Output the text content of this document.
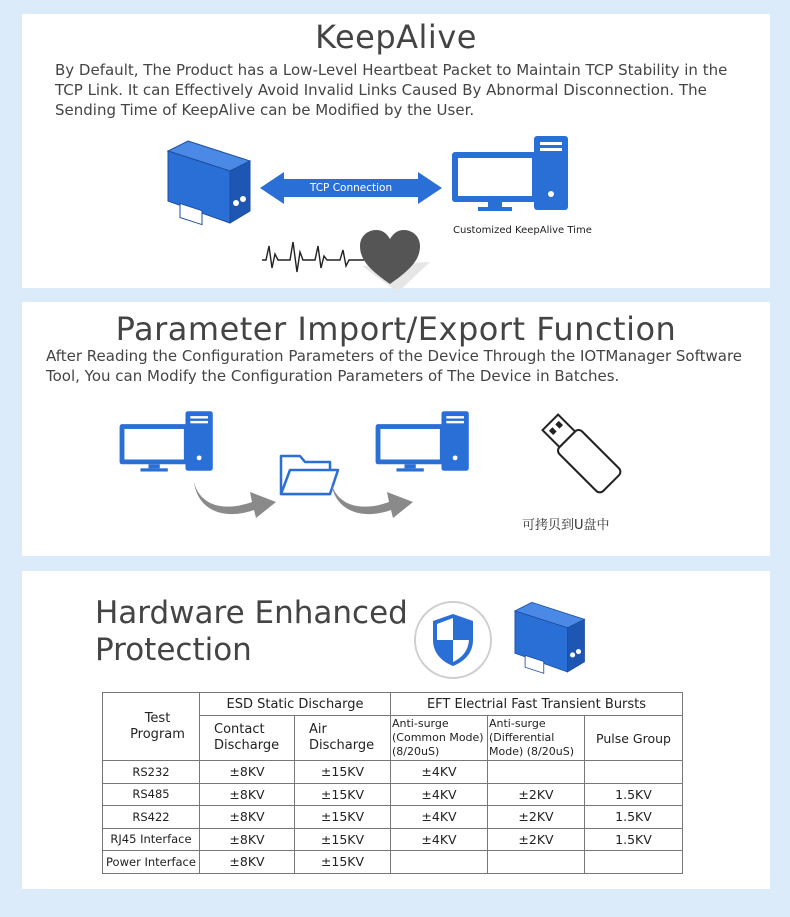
KeepAlive

By Default, The Product has a Low-Level Heartbeat Packet to Maintain TCP Stability in the TCP Link. It can Effectively Avoid Invalid Links Caused By Abnormal Disconnection. The Sending Time of KeepAlive can be Modified by the User.

TCP Connection
Customized KeepAlive Time
Parameter Import/Export Function

After Reading the Configuration Parameters of the Device Through the IOTManager Software Tool, You can Modify the Configuration Parameters of The Device in Batches.

可拷贝到U盘中
Hardware Enhanced Protection
Test Program	ESD Static Discharge		EFT Electrial Fast Transient Bursts		
	Contact Discharge	Air Discharge	Anti-surge (Common Mode) (8/20uS)	Anti-surge (Differential Mode) (8/20uS)	Pulse Group
RS232	±8KV	±15KV	±4KV		
RS485	±8KV	±15KV	±4KV	±2KV	1.5KV
RS422	±8KV	±15KV	±4KV	±2KV	1.5KV
RJ45 Interface	±8KV	±15KV	±4KV	±2KV	1.5KV
Power Interface	±8KV	±15KV			
